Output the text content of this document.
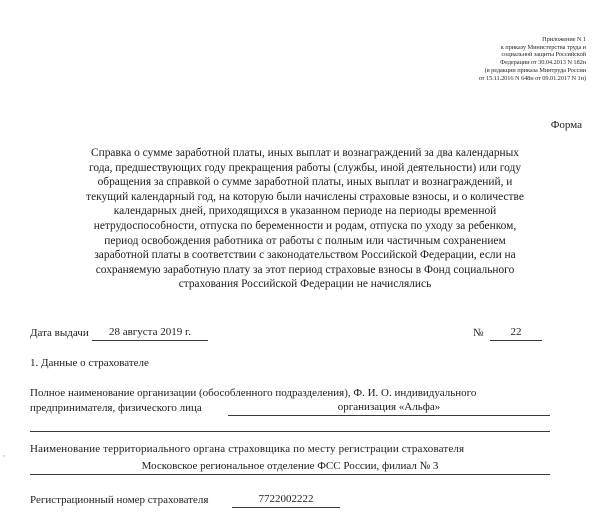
Приложение N 1
к приказу Министерства труда и
социальной защиты Российской
Федерации от 30.04.2013 N 182н
(в редакции приказа Минтруда России
от 15.11.2016 N 648н от 09.01.2017 N 1н)
Форма
Справка о сумме заработной платы, иных выплат и вознаграждений за два календарных
года, предшествующих году прекращения работы (службы, иной деятельности) или году
обращения за справкой о сумме заработной платы, иных выплат и вознаграждений, и
текущий календарный год, на которую были начислены страховые взносы, и о количестве
календарных дней, приходящихся в указанном периоде на периоды временной
нетрудоспособности, отпуска по беременности и родам, отпуска по уходу за ребенком,
период освобождения работника от работы с полным или частичным сохранением
заработной платы в соответствии с законодательством Российской Федерации, если на
сохраняемую заработную плату за этот период страховые взносы в Фонд социального
страхования Российской Федерации не начислялись
Дата выдачи	28 августа 2019 г.	№	22
1. Данные о страхователе
Полное наименование организации (обособленного подразделения), Ф. И. О. индивидуального
предпринимателя, физического лица	организация «Альфа»
◦
Наименование территориального органа страховщика по месту регистрации страхователя
Московское региональное отделение ФСС России, филиал № 3
Регистрационный номер страхователя	7722002222
